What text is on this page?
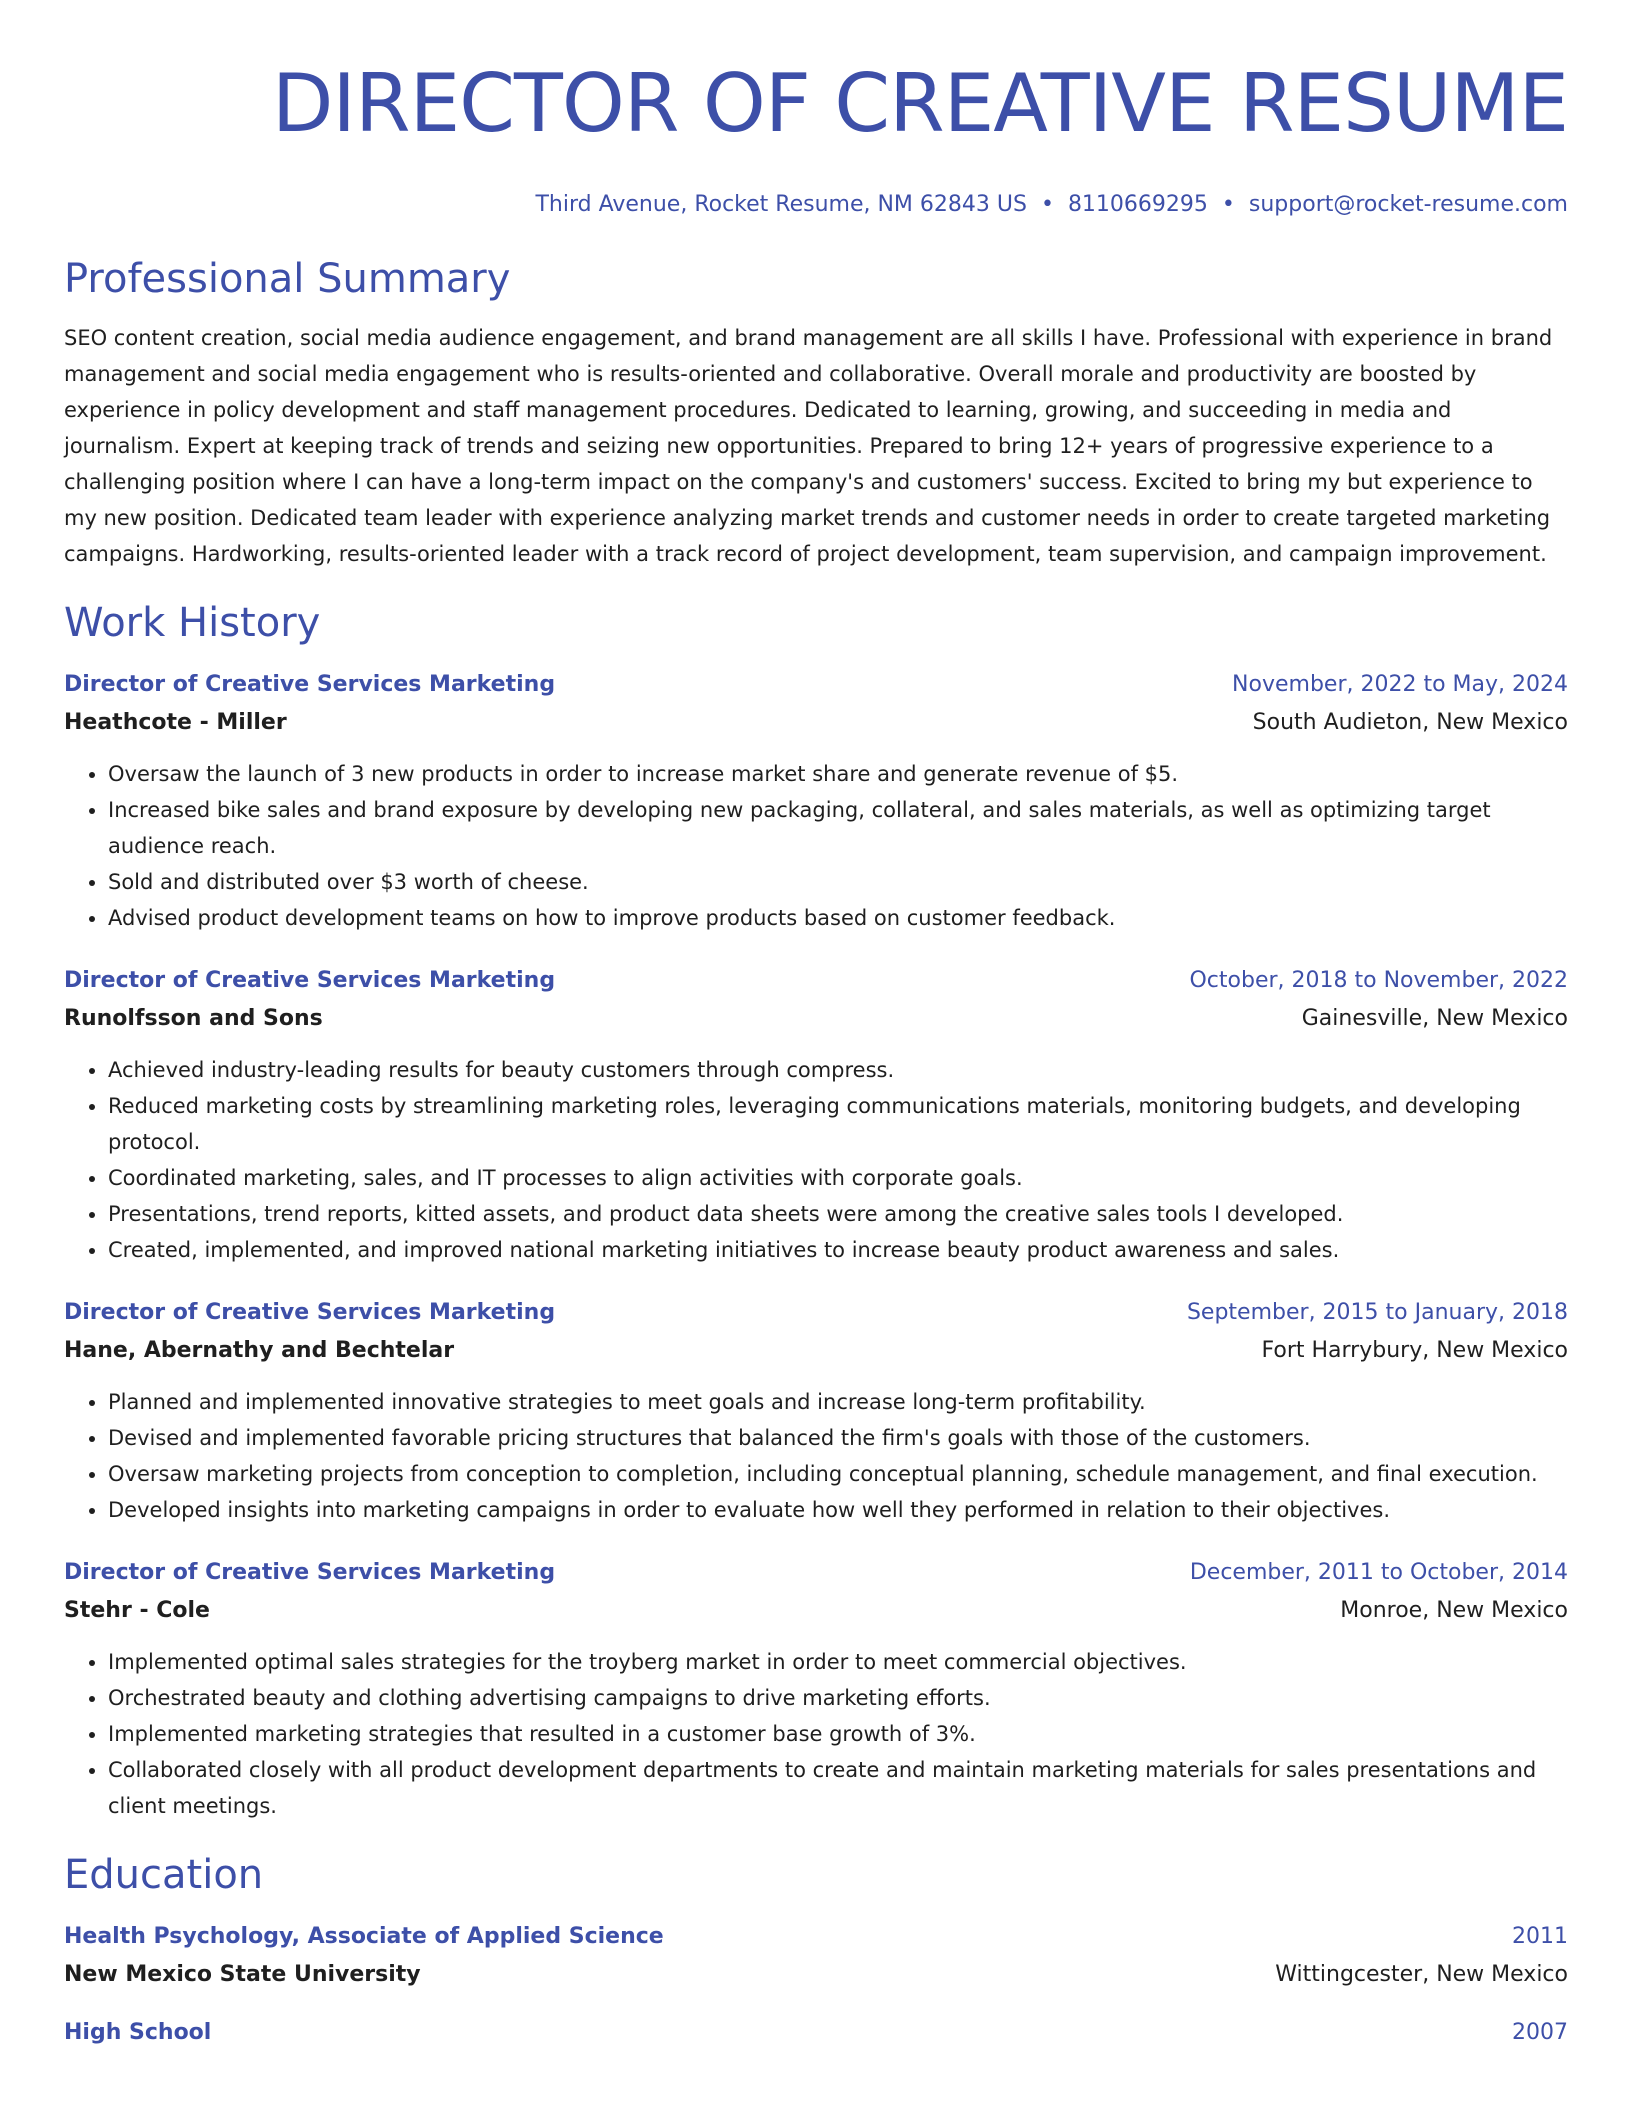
DIRECTOR OF CREATIVE RESUME
Third Avenue, Rocket Resume, NM 62843 US • 8110669295 • support@rocket-resume.com
Professional Summary

SEO content creation, social media audience engagement, and brand management are all skills I have. Professional with experience in brand management and social media engagement who is results-oriented and collaborative. Overall morale and productivity are boosted by experience in policy development and staff management procedures. Dedicated to learning, growing, and succeeding in media and journalism. Expert at keeping track of trends and seizing new opportunities. Prepared to bring 12+ years of progressive experience to a challenging position where I can have a long-term impact on the company's and customers' success. Excited to bring my but experience to my new position. Dedicated team leader with experience analyzing market trends and customer needs in order to create targeted marketing campaigns. Hardworking, results-oriented leader with a track record of project development, team supervision, and campaign improvement.

Work History
Director of Creative Services Marketing	November, 2022 to May, 2024
Heathcote - Miller	South Audieton, New Mexico
• Oversaw the launch of 3 new products in order to increase market share and generate revenue of $5.
• Increased bike sales and brand exposure by developing new packaging, collateral, and sales materials, as well as optimizing target audience reach.
• Sold and distributed over $3 worth of cheese.
• Advised product development teams on how to improve products based on customer feedback.
Director of Creative Services Marketing	October, 2018 to November, 2022
Runolfsson and Sons	Gainesville, New Mexico
• Achieved industry-leading results for beauty customers through compress.
• Reduced marketing costs by streamlining marketing roles, leveraging communications materials, monitoring budgets, and developing protocol.
• Coordinated marketing, sales, and IT processes to align activities with corporate goals.
• Presentations, trend reports, kitted assets, and product data sheets were among the creative sales tools I developed.
• Created, implemented, and improved national marketing initiatives to increase beauty product awareness and sales.
Director of Creative Services Marketing	September, 2015 to January, 2018
Hane, Abernathy and Bechtelar	Fort Harrybury, New Mexico
• Planned and implemented innovative strategies to meet goals and increase long-term profitability.
• Devised and implemented favorable pricing structures that balanced the firm's goals with those of the customers.
• Oversaw marketing projects from conception to completion, including conceptual planning, schedule management, and final execution.
• Developed insights into marketing campaigns in order to evaluate how well they performed in relation to their objectives.
Director of Creative Services Marketing	December, 2011 to October, 2014
Stehr - Cole	Monroe, New Mexico
• Implemented optimal sales strategies for the troyberg market in order to meet commercial objectives.
• Orchestrated beauty and clothing advertising campaigns to drive marketing efforts.
• Implemented marketing strategies that resulted in a customer base growth of 3%.
• Collaborated closely with all product development departments to create and maintain marketing materials for sales presentations and client meetings.
Education
Health Psychology, Associate of Applied Science	2011
New Mexico State University	Wittingcester, New Mexico
High School	2007
